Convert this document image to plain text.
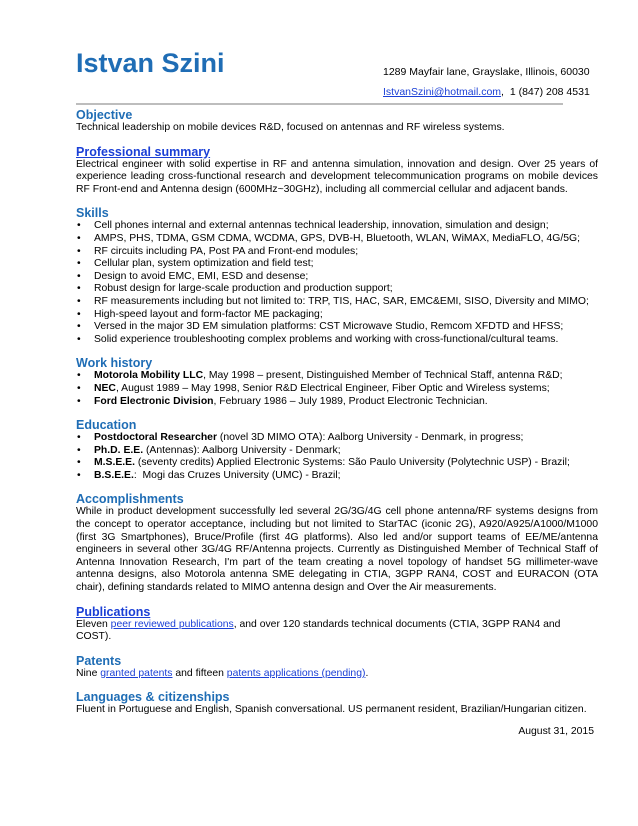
Istvan Szini	1289 Mayfair lane, Grayslake, Illinois, 60030

IstvanSzini@hotmail.com,  1 (847) 208 4531

Objective

Technical leadership on mobile devices R&D, focused on antennas and RF wireless systems.

Professional summary

Electrical engineer with solid expertise in RF and antenna simulation, innovation and design. Over 25 years of experience leading cross-functional research and development telecommunication programs on mobile devices RF Front-end and Antenna design (600MHz~30GHz), including all commercial cellular and adjacent bands.

Skills
• Cell phones internal and external antennas technical leadership, innovation, simulation and design;
• AMPS, PHS, TDMA, GSM CDMA, WCDMA, GPS, DVB-H, Bluetooth, WLAN, WiMAX, MediaFLO, 4G/5G;
• RF circuits including PA, Post PA and Front-end modules;
• Cellular plan, system optimization and field test;
• Design to avoid EMC, EMI, ESD and desense;
• Robust design for large-scale production and production support;
• RF measurements including but not limited to: TRP, TIS, HAC, SAR, EMC&EMI, SISO, Diversity and MIMO;
• High-speed layout and form-factor ME packaging;
• Versed in the major 3D EM simulation platforms: CST Microwave Studio, Remcom XFDTD and HFSS;
• Solid experience troubleshooting complex problems and working with cross-functional/cultural teams.
Work history
• Motorola Mobility LLC, May 1998 – present, Distinguished Member of Technical Staff, antenna R&D;
• NEC, August 1989 – May 1998, Senior R&D Electrical Engineer, Fiber Optic and Wireless systems;
• Ford Electronic Division, February 1986 – July 1989, Product Electronic Technician.
Education
• Postdoctoral Researcher (novel 3D MIMO OTA): Aalborg University - Denmark, in progress;
• Ph.D. E.E. (Antennas): Aalborg University - Denmark;
• M.S.E.E. (seventy credits) Applied Electronic Systems: São Paulo University (Polytechnic USP) - Brazil;
• B.S.E.E.:  Mogi das Cruzes University (UMC) - Brazil;
Accomplishments

While in product development successfully led several 2G/3G/4G cell phone antenna/RF systems designs from the concept to operator acceptance, including but not limited to StarTAC (iconic 2G), A920/A925/A1000/M1000 (first 3G Smartphones), Bruce/Profile (first 4G platforms). Also led and/or support teams of EE/ME/antenna engineers in several other 3G/4G RF/Antenna projects. Currently as Distinguished Member of Technical Staff of Antenna Innovation Research, I'm part of the team creating a novel topology of handset 5G millimeter-wave antenna designs, also Motorola antenna SME delegating in CTIA, 3GPP RAN4, COST and EURACON (OTA chair), defining standards related to MIMO antenna design and Over the Air measurements.

Publications

Eleven peer reviewed publications, and over 120 standards technical documents (CTIA, 3GPP RAN4 and COST).

Patents

Nine granted patents and fifteen patents applications (pending).

Languages & citizenships

Fluent in Portuguese and English, Spanish conversational. US permanent resident, Brazilian/Hungarian citizen.

August 31, 2015
